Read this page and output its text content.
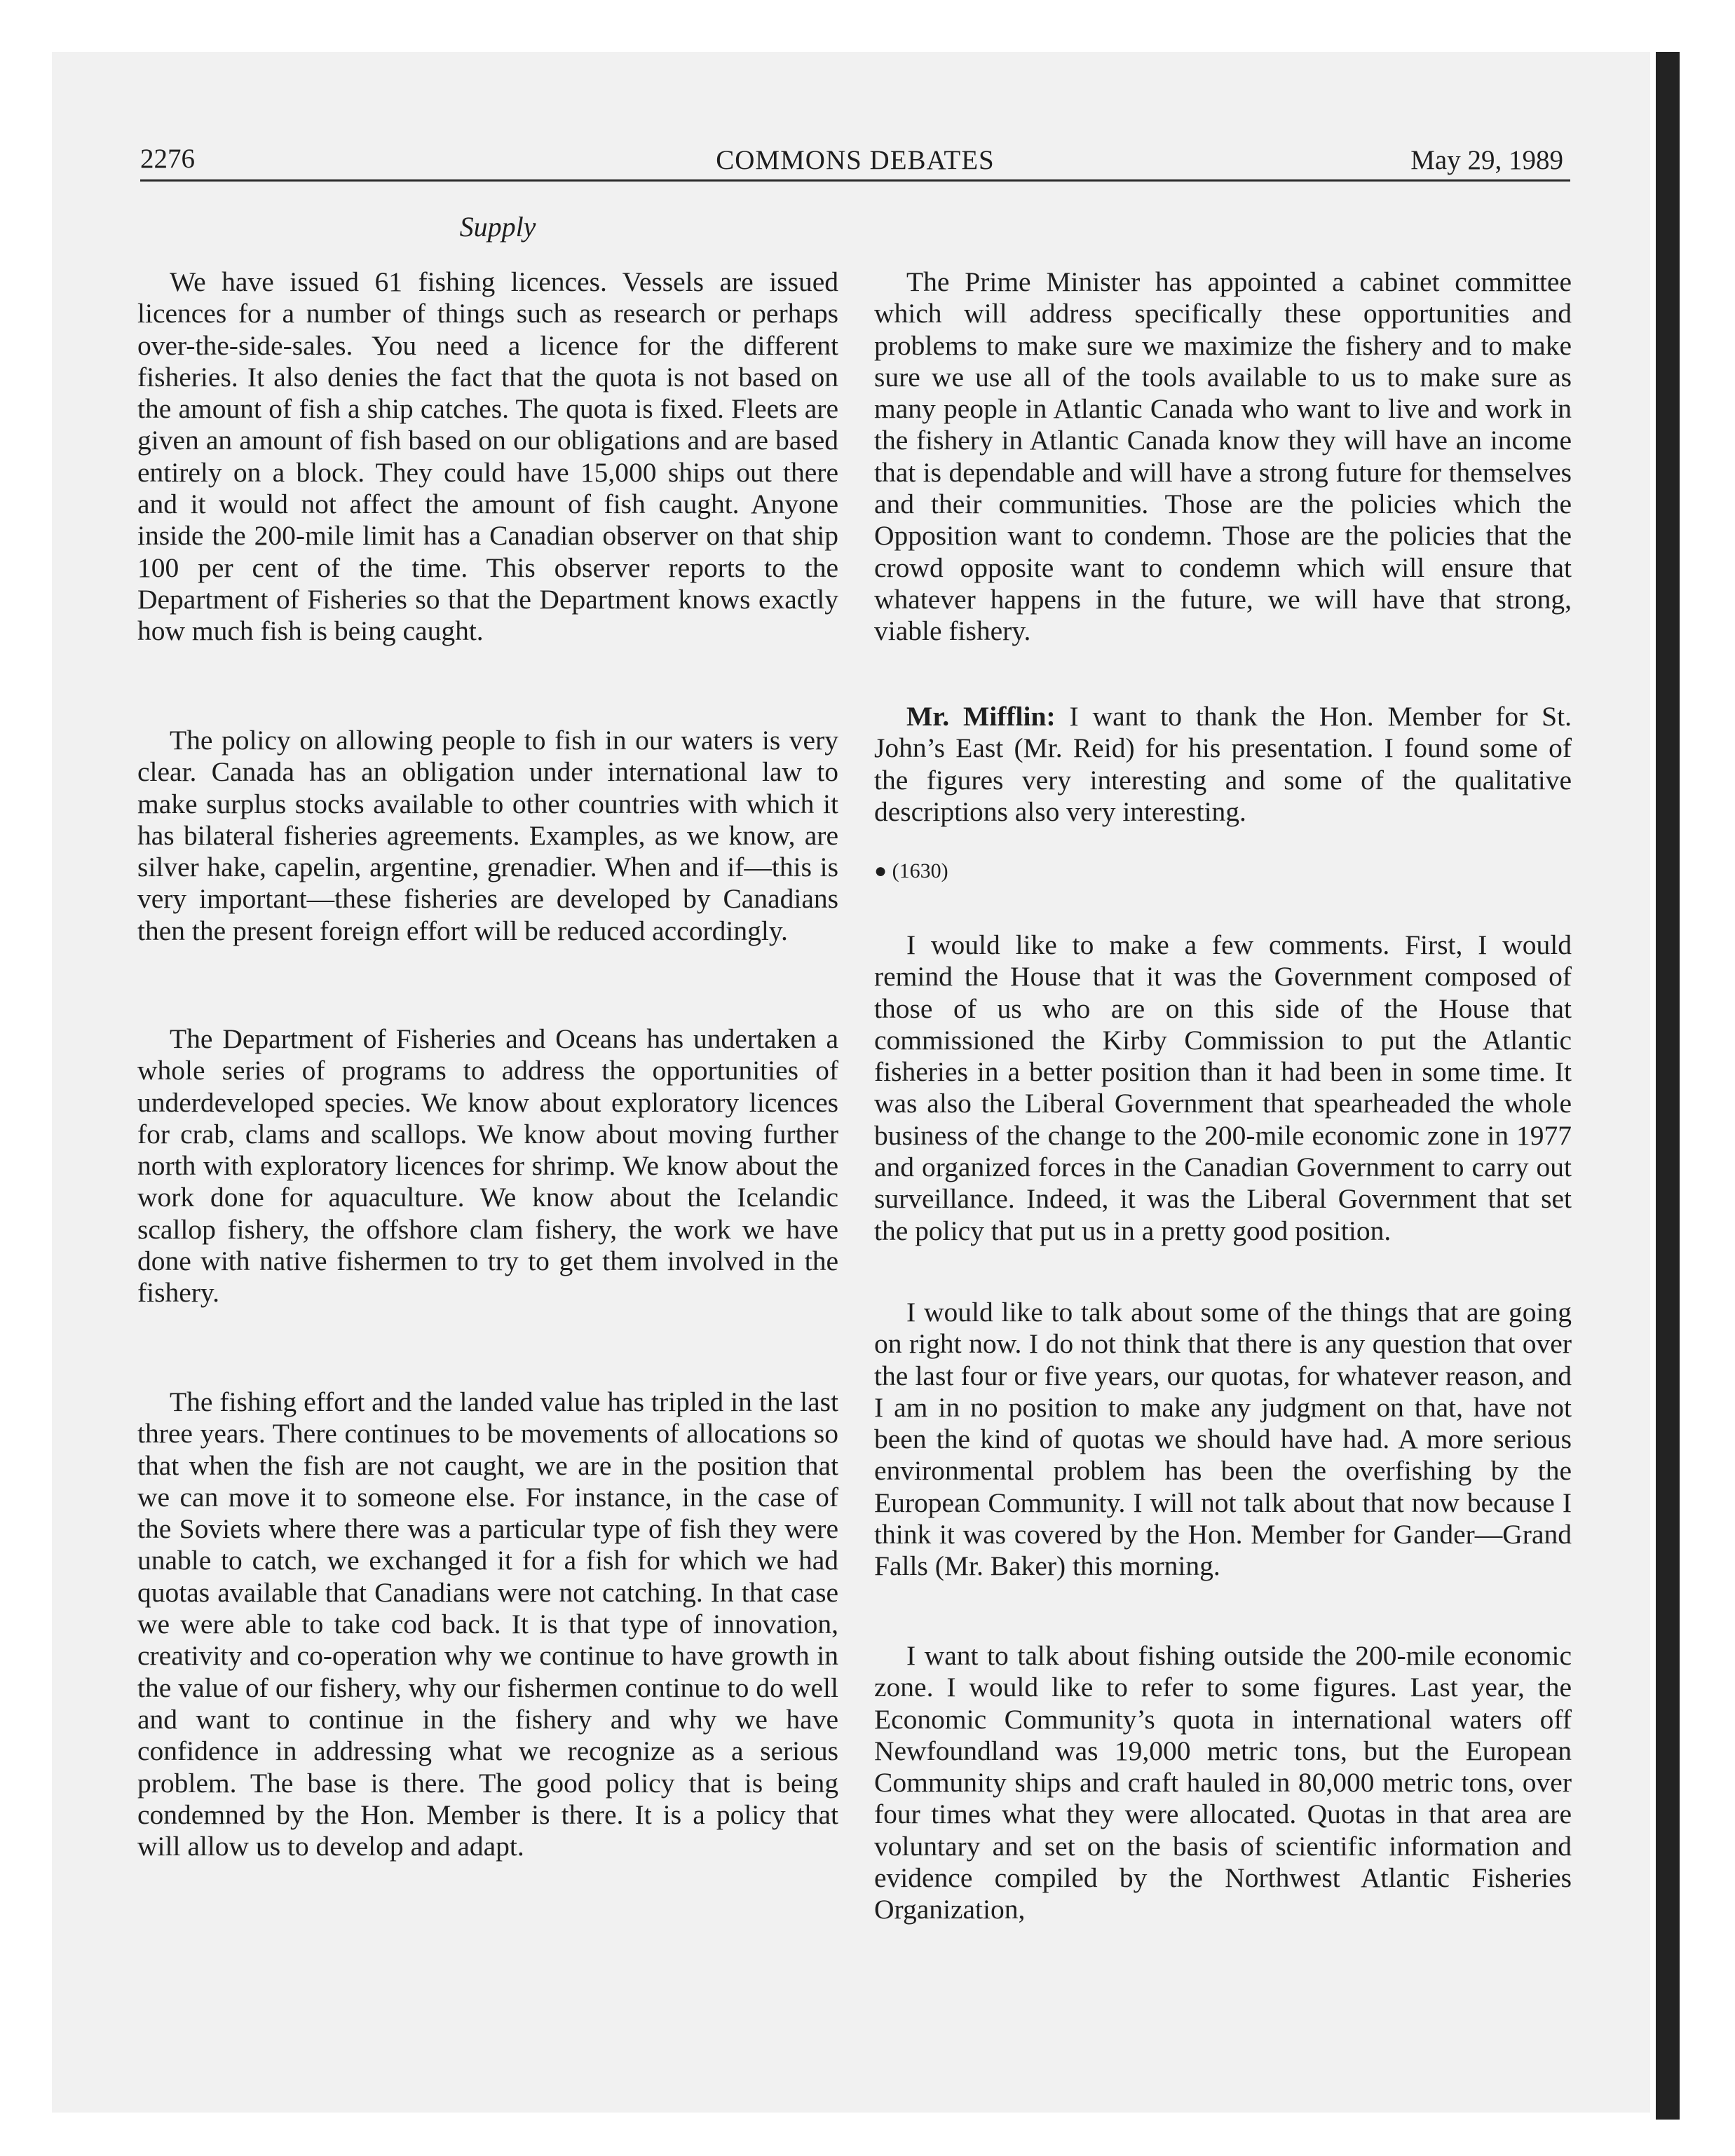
2276	COMMONS DEBATES	May 29, 1989
Supply

We have issued 61 fishing licences. Vessels are issued licences for a number of things such as research or perhaps over-the-side-sales. You need a licence for the different fisheries. It also denies the fact that the quota is not based on the amount of fish a ship catches. The quota is fixed. Fleets are given an amount of fish based on our obligations and are based entirely on a block. They could have 15,000 ships out there and it would not affect the amount of fish caught. Anyone inside the 200-mile limit has a Canadian observer on that ship 100 per cent of the time. This observer reports to the Department of Fisheries so that the Department knows exactly how much fish is being caught.

The policy on allowing people to fish in our waters is very clear. Canada has an obligation under international law to make surplus stocks available to other countries with which it has bilateral fisheries agreements. Examples, as we know, are silver hake, capelin, argentine, grenadier. When and if—this is very important—these fisheries are developed by Canadians then the present foreign effort will be reduced accordingly.

The Department of Fisheries and Oceans has undertaken a whole series of programs to address the opportunities of underdeveloped species. We know about exploratory licences for crab, clams and scallops. We know about moving further north with exploratory licences for shrimp. We know about the work done for aquaculture. We know about the Icelandic scallop fishery, the offshore clam fishery, the work we have done with native fishermen to try to get them involved in the fishery.

The fishing effort and the landed value has tripled in the last three years. There continues to be movements of allocations so that when the fish are not caught, we are in the position that we can move it to someone else. For instance, in the case of the Soviets where there was a particular type of fish they were unable to catch, we exchanged it for a fish for which we had quotas available that Canadians were not catching. In that case we were able to take cod back. It is that type of innovation, creativity and co-operation why we continue to have growth in the value of our fishery, why our fishermen continue to do well and want to continue in the fishery and why we have confidence in addressing what we recognize as a serious problem. The base is there. The good policy that is being condemned by the Hon. Member is there. It is a policy that will allow us to develop and adapt.

The Prime Minister has appointed a cabinet committee which will address specifically these opportunities and problems to make sure we maximize the fishery and to make sure we use all of the tools available to us to make sure as many people in Atlantic Canada who want to live and work in the fishery in Atlantic Canada know they will have an income that is dependable and will have a strong future for themselves and their communities. Those are the policies which the Opposition want to condemn. Those are the policies that the crowd opposite want to condemn which will ensure that whatever happens in the future, we will have that strong, viable fishery.

Mr. Mifflin: I want to thank the Hon. Member for St. John’s East (Mr. Reid) for his presentation. I found some of the figures very interesting and some of the qualitative descriptions also very interesting.

● (1630)

I would like to make a few comments. First, I would remind the House that it was the Government composed of those of us who are on this side of the House that commissioned the Kirby Commission to put the Atlantic fisheries in a better position than it had been in some time. It was also the Liberal Government that spearheaded the whole business of the change to the 200-mile economic zone in 1977 and organized forces in the Canadian Government to carry out surveillance. Indeed, it was the Liberal Government that set the policy that put us in a pretty good position.

I would like to talk about some of the things that are going on right now. I do not think that there is any question that over the last four or five years, our quotas, for whatever reason, and I am in no position to make any judgment on that, have not been the kind of quotas we should have had. A more serious environmental problem has been the overfishing by the European Community. I will not talk about that now because I think it was covered by the Hon. Member for Gander—Grand Falls (Mr. Baker) this morning.

I want to talk about fishing outside the 200-mile economic zone. I would like to refer to some figures. Last year, the Economic Community’s quota in international waters off Newfoundland was 19,000 metric tons, but the European Community ships and craft hauled in 80,000 metric tons, over four times what they were allocated. Quotas in that area are voluntary and set on the basis of scientific information and evidence compiled by the Northwest Atlantic Fisheries Organization,
